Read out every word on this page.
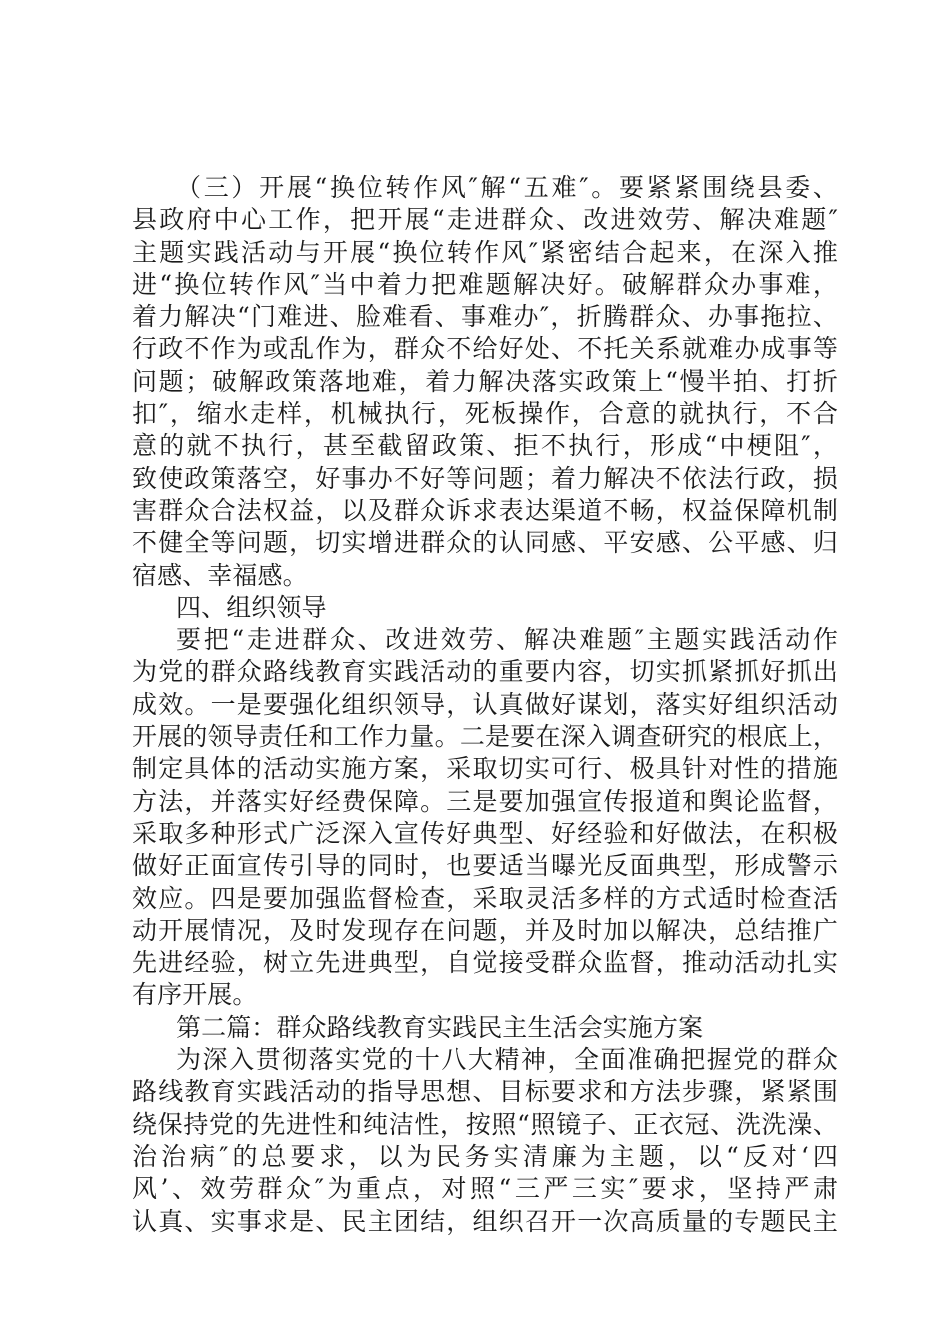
（三）开展“换位转作风″解“五难″。要紧紧围绕县委、
县政府中心工作，把开展“走进群众、改进效劳、解决难题″
主题实践活动与开展“换位转作风″紧密结合起来，在深入推
进“换位转作风″当中着力把难题解决好。破解群众办事难，
着力解决“门难进、脸难看、事难办″，折腾群众、办事拖拉、
行政不作为或乱作为，群众不给好处、不托关系就难办成事等
问题；破解政策落地难，着力解决落实政策上“慢半拍、打折
扣″，缩水走样，机械执行，死板操作，合意的就执行，不合
意的就不执行，甚至截留政策、拒不执行，形成“中梗阻″，
致使政策落空，好事办不好等问题；着力解决不依法行政，损
害群众合法权益，以及群众诉求表达渠道不畅，权益保障机制
不健全等问题，切实增进群众的认同感、平安感、公平感、归
宿感、幸福感。
四、组织领导
要把“走进群众、改进效劳、解决难题″主题实践活动作
为党的群众路线教育实践活动的重要内容，切实抓紧抓好抓出
成效。一是要强化组织领导，认真做好谋划，落实好组织活动
开展的领导责任和工作力量。二是要在深入调查研究的根底上，
制定具体的活动实施方案，采取切实可行、极具针对性的措施
方法，并落实好经费保障。三是要加强宣传报道和舆论监督，
采取多种形式广泛深入宣传好典型、好经验和好做法，在积极
做好正面宣传引导的同时，也要适当曝光反面典型，形成警示
效应。四是要加强监督检查，采取灵活多样的方式适时检查活
动开展情况，及时发现存在问题，并及时加以解决，总结推广
先进经验，树立先进典型，自觉接受群众监督，推动活动扎实
有序开展。
第二篇：群众路线教育实践民主生活会实施方案
为深入贯彻落实党的十八大精神，全面准确把握党的群众
路线教育实践活动的指导思想、目标要求和方法步骤，紧紧围
绕保持党的先进性和纯洁性，按照“照镜子、正衣冠、洗洗澡、
治治病″的总要求，以为民务实清廉为主题，以“反对‘四
风’、效劳群众″为重点，对照“三严三实″要求，坚持严肃
认真、实事求是、民主团结，组织召开一次高质量的专题民主
